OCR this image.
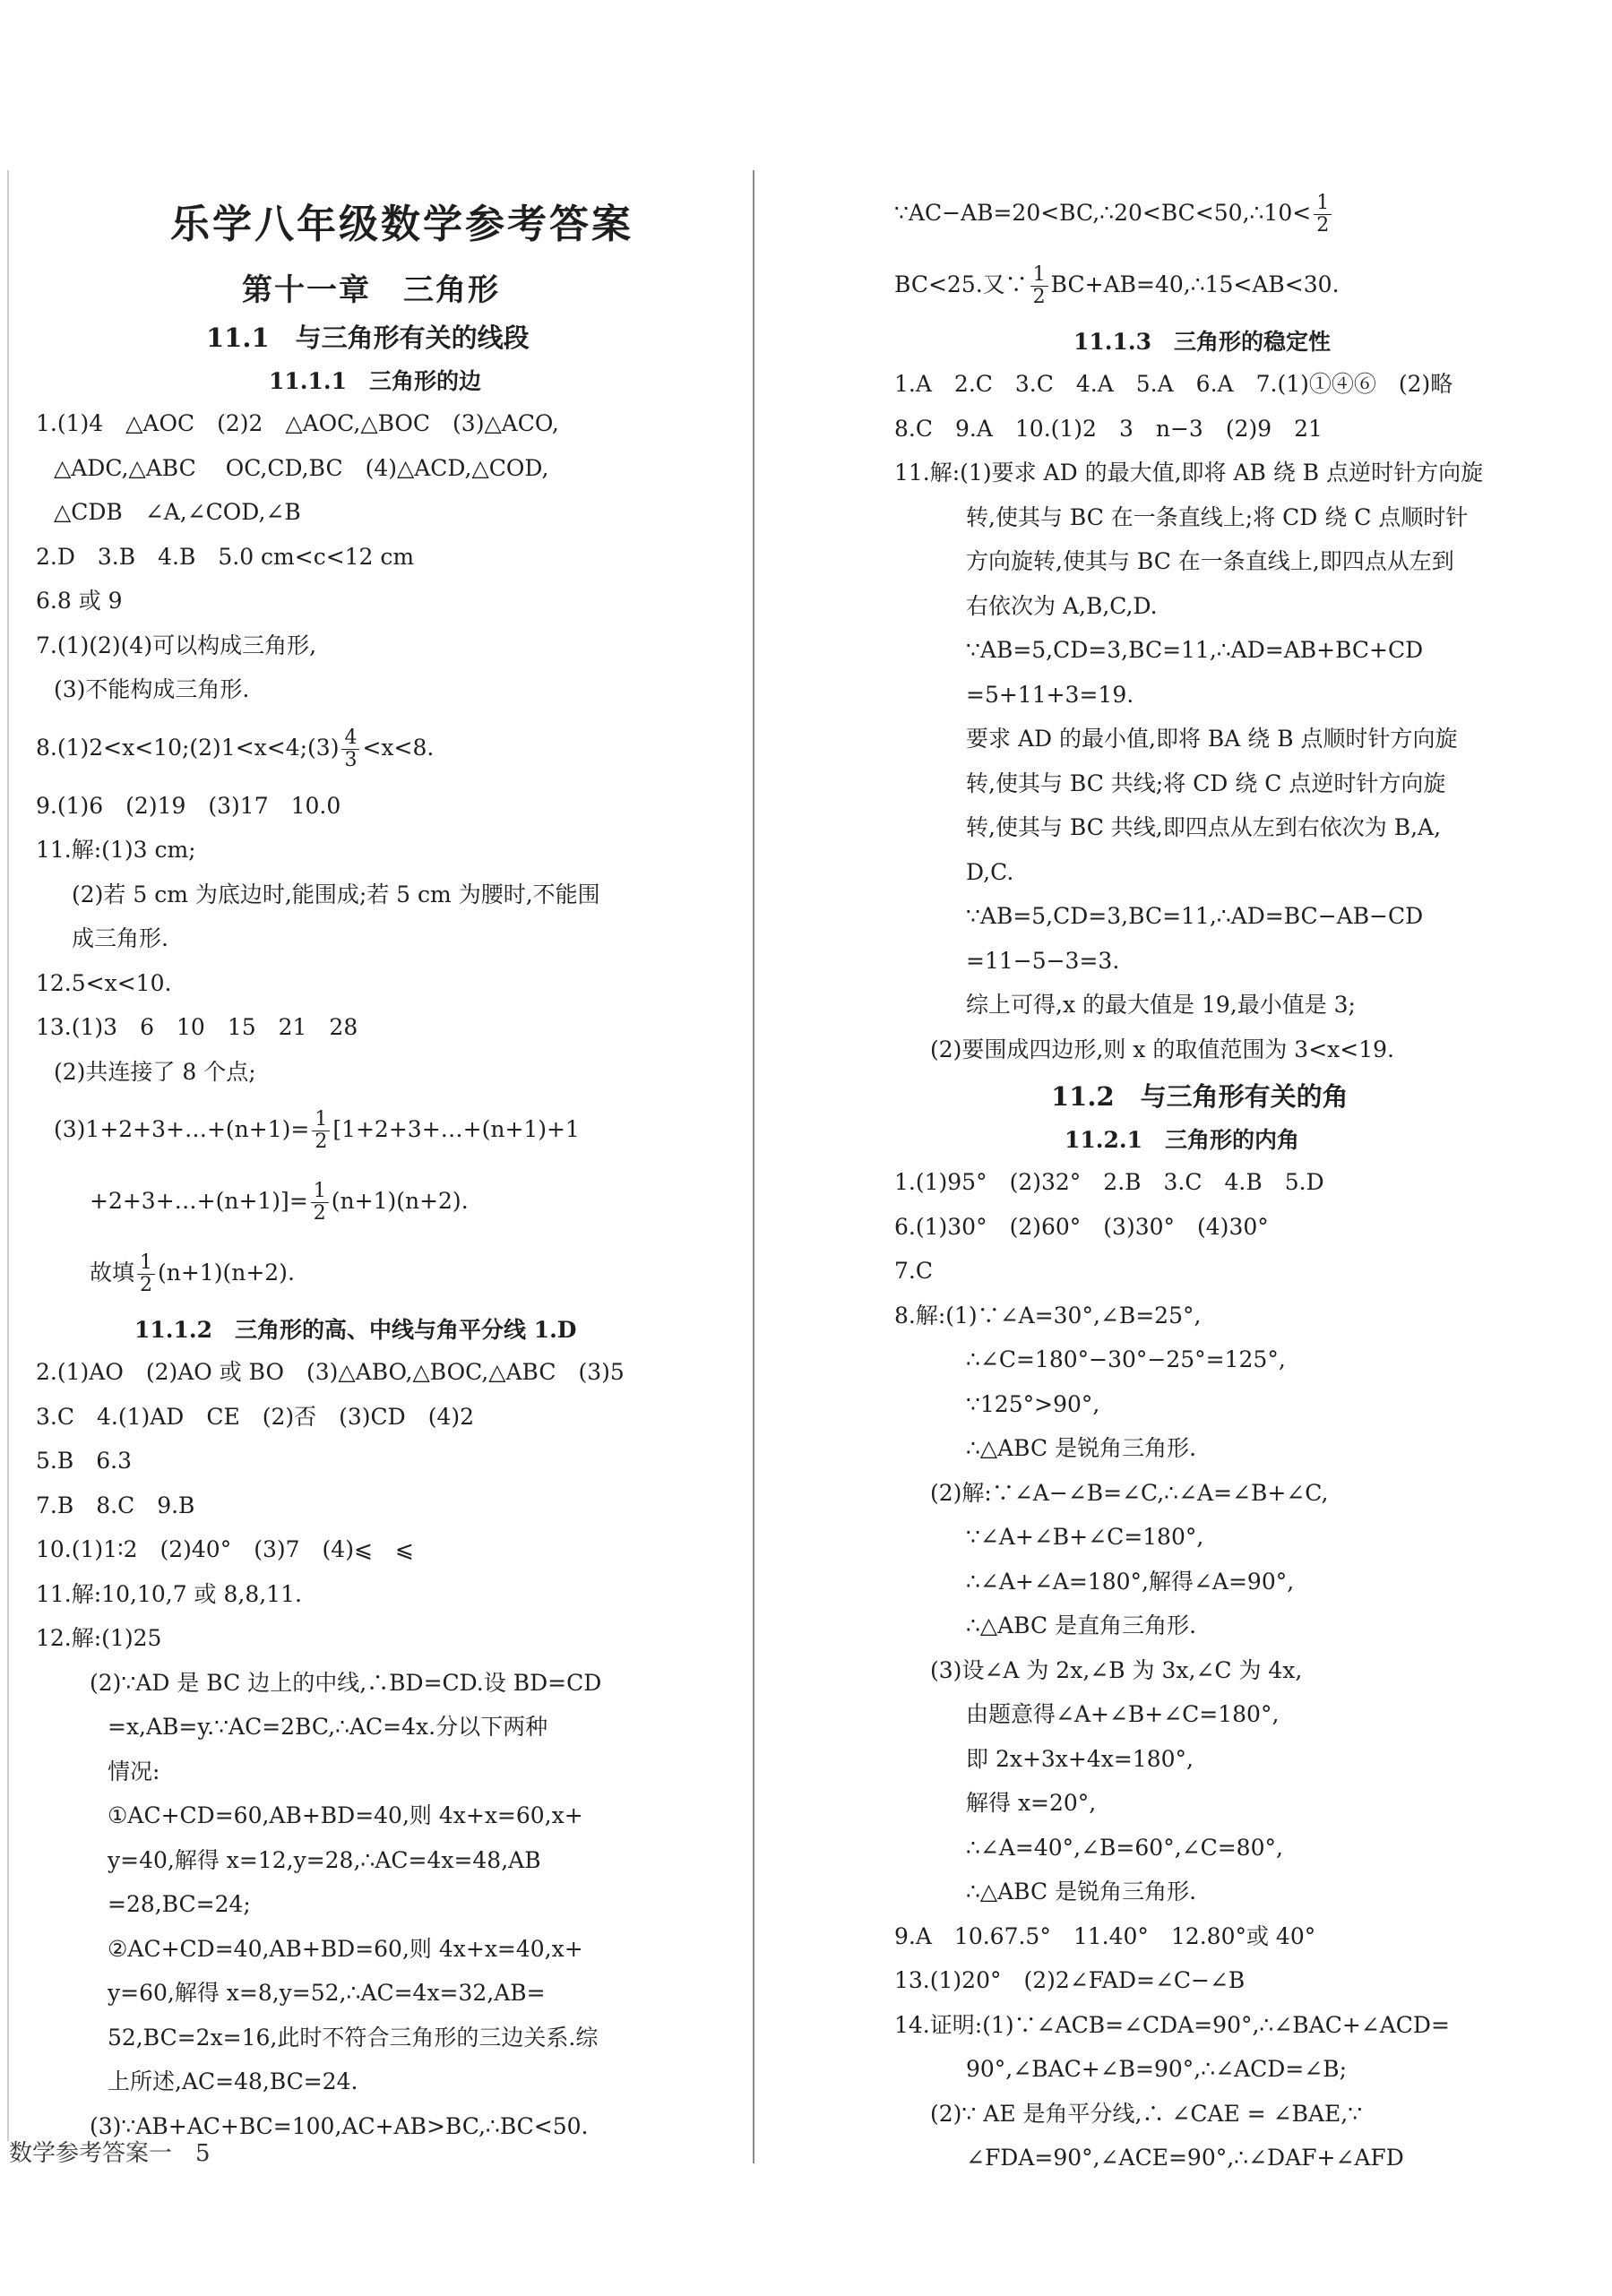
乐学八年级数学参考答案
第十一章　三角形
11.1　与三角形有关的线段
11.1.1　三角形的边
1.(1)4　△AOC　(2)2　△AOC,△BOC　(3)△ACO,
△ADC,△ABC　 OC,CD,BC　(4)△ACD,△COD,
△CDB　∠A,∠COD,∠B
2.D　3.B　4.B　5.0 cm<c<12 cm
6.8 或 9
7.(1)(2)(4)可以构成三角形,
(3)不能构成三角形.
8.(1)2<x<10;(2)1<x<4;(3) $\frac{4}{3} <x<8$.
9.(1)6　(2)19　(3)17　10.0
11.解:(1)3 cm;
(2)若 5 cm 为底边时,能围成;若 5 cm 为腰时,不能围
成三角形.
12.5<x<10.
13.(1)3　6　10　15　21　28
(2)共连接了 8 个点;
(3)1+2+3+…+(n+1)= $\frac{1}{2}$ [1+2+3+…+(n+1)+1
+2+3+…+(n+1)]= $\frac{1}{2} (n+1)(n+2)$.
故填 $\frac{1}{2} (n+1)(n+2)$.
11.1.2　三角形的高、中线与角平分线 1.D
2.(1)AO　(2)AO 或 BO　(3)△ABO,△BOC,△ABC　(3)5
3.C　4.(1)AD　CE　(2)否　(3)CD　(4)2
5.B　6.3
7.B　8.C　9.B
10.(1)1∶2　(2)40°　(3)7　(4)⩽　⩽
11.解:10,10,7 或 8,8,11.
12.解:(1)25
(2)∵AD 是 BC 边上的中线,∴BD=CD.设 BD=CD
=x,AB=y.∵AC=2BC,∴AC=4x.分以下两种
情况:
①AC+CD=60,AB+BD=40,则 4x+x=60,x+
y=40,解得 x=12,y=28,∴AC=4x=48,AB
=28,BC=24;
②AC+CD=40,AB+BD=60,则 4x+x=40,x+
y=60,解得 x=8,y=52,∴AC=4x=32,AB=
52,BC=2x=16,此时不符合三角形的三边关系.综
上所述,AC=48,BC=24.
(3)∵AB+AC+BC=100,AC+AB>BC,∴BC<50.
∵AC−AB=20<BC,∴20<BC<50,∴10< $\frac{1}{2}$
BC<25.又∵ $\frac{1}{2}$ BC+AB=40,∴15<AB<30.
11.1.3　三角形的稳定性
1.A　2.C　3.C　4.A　5.A　6.A　7.(1)①④⑥　(2)略
8.C　9.A　10.(1)2　3　n−3　(2)9　21
11.解:(1)要求 AD 的最大值,即将 AB 绕 B 点逆时针方向旋
转,使其与 BC 在一条直线上;将 CD 绕 C 点顺时针
方向旋转,使其与 BC 在一条直线上,即四点从左到
右依次为 A,B,C,D.
∵AB=5,CD=3,BC=11,∴AD=AB+BC+CD
=5+11+3=19.
要求 AD 的最小值,即将 BA 绕 B 点顺时针方向旋
转,使其与 BC 共线;将 CD 绕 C 点逆时针方向旋
转,使其与 BC 共线,即四点从左到右依次为 B,A,
D,C.
∵AB=5,CD=3,BC=11,∴AD=BC−AB−CD
=11−5−3=3.
综上可得,x 的最大值是 19,最小值是 3;
(2)要围成四边形,则 x 的取值范围为 3<x<19.
11.2　与三角形有关的角
11.2.1　三角形的内角
1.(1)95°　(2)32°　2.B　3.C　4.B　5.D
6.(1)30°　(2)60°　(3)30°　(4)30°
7.C
8.解:(1)∵∠A=30°,∠B=25°,
∴∠C=180°−30°−25°=125°,
∵125°>90°,
∴△ABC 是锐角三角形.
(2)解:∵∠A−∠B=∠C,∴∠A=∠B+∠C,
∵∠A+∠B+∠C=180°,
∴∠A+∠A=180°,解得∠A=90°,
∴△ABC 是直角三角形.
(3)设∠A 为 2x,∠B 为 3x,∠C 为 4x,
由题意得∠A+∠B+∠C=180°,
即 2x+3x+4x=180°,
解得 x=20°,
∴∠A=40°,∠B=60°,∠C=80°,
∴△ABC 是锐角三角形.
9.A　10.67.5°　11.40°　12.80°或 40°
13.(1)20°　(2)2∠FAD=∠C−∠B
14.证明:(1)∵∠ACB=∠CDA=90°,∴∠BAC+∠ACD=
90°,∠BAC+∠B=90°,∴∠ACD=∠B;
(2)∵ AE 是角平分线,∴ ∠CAE = ∠BAE,∵
∠FDA=90°,∠ACE=90°,∴∠DAF+∠AFD
数学参考答案一　5
